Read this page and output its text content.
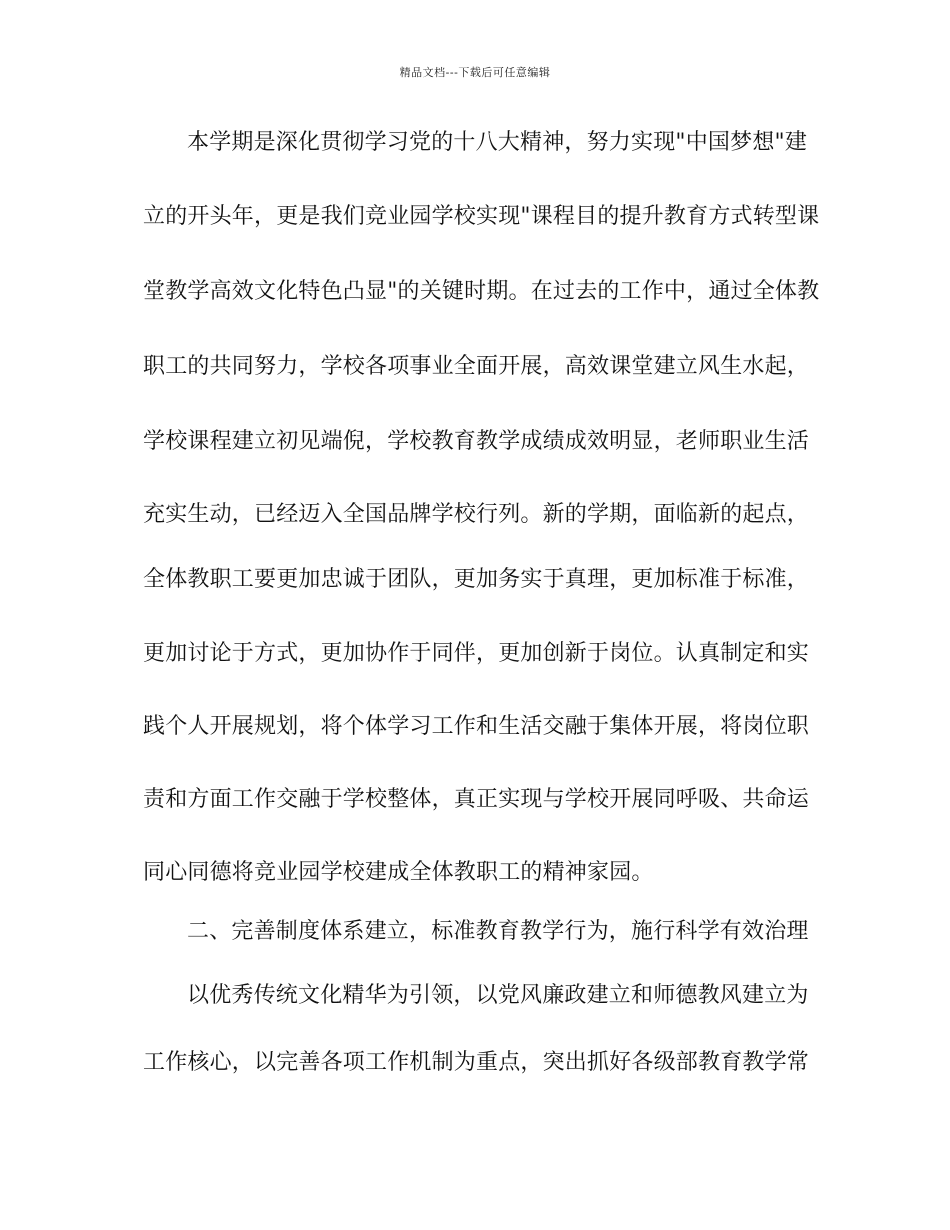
精品文档---下载后可任意编辑
本学期是深化贯彻学习党的十八大精神，努力实现"中国梦想"建
立的开头年，更是我们竞业园学校实现"课程目的提升教育方式转型课
堂教学高效文化特色凸显"的关键时期。在过去的工作中，通过全体教
职工的共同努力，学校各项事业全面开展，高效课堂建立风生水起，
学校课程建立初见端倪，学校教育教学成绩成效明显，老师职业生活
充实生动，已经迈入全国品牌学校行列。新的学期，面临新的起点，
全体教职工要更加忠诚于团队，更加务实于真理，更加标准于标准，
更加讨论于方式，更加协作于同伴，更加创新于岗位。认真制定和实
践个人开展规划，将个体学习工作和生活交融于集体开展，将岗位职
责和方面工作交融于学校整体，真正实现与学校开展同呼吸、共命运
同心同德将竞业园学校建成全体教职工的精神家园。
二、完善制度体系建立，标准教育教学行为，施行科学有效治理
以优秀传统文化精华为引领，以党风廉政建立和师德教风建立为
工作核心，以完善各项工作机制为重点，突出抓好各级部教育教学常
